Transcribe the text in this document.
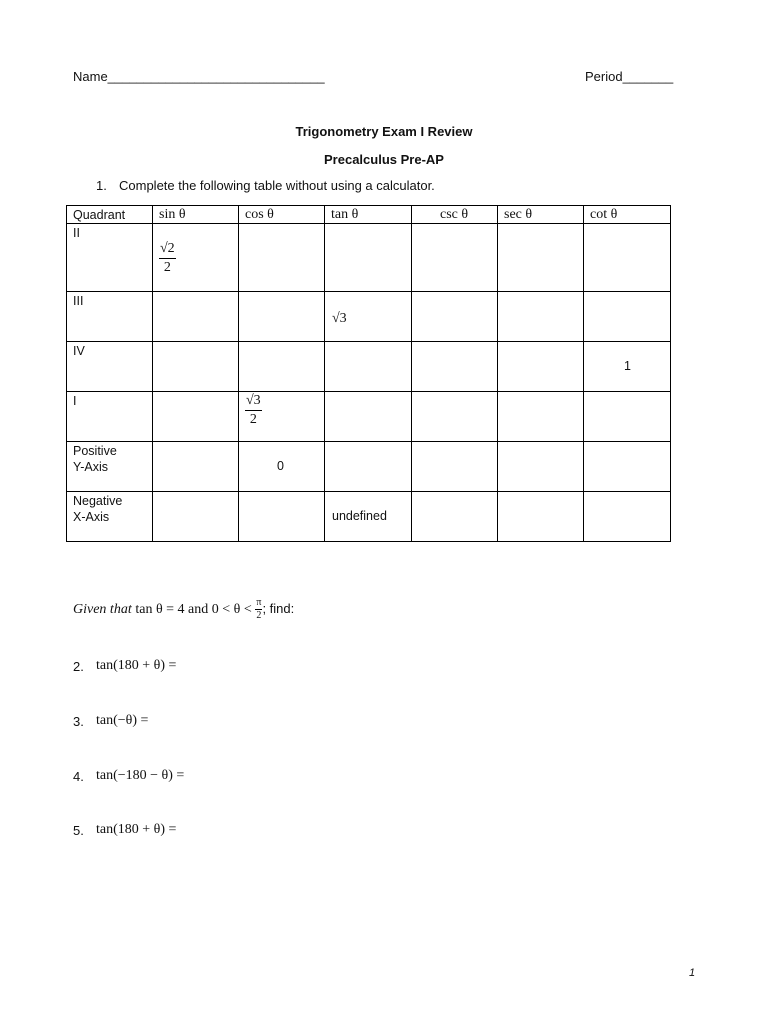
Name______________________________	Period_______
Trigonometry Exam I Review
Precalculus Pre-AP
1. Complete the following table without using a calculator.
Quadrant	sin θ	cos θ	tan θ	csc θ	sec θ	cot θ

II	√2
2					

III			√3			

IV						1

I		√3
2				

Positive
Y-Axis		0				

Negative
X-Axis			undefined			

Given that tan θ = 4 and $0 < \theta < \frac{\pi}{2}$ ; find:
2. tan(180 + θ) =
3. tan(−θ) =
4. tan(−180 − θ) =
5. tan(180 + θ) =
1
